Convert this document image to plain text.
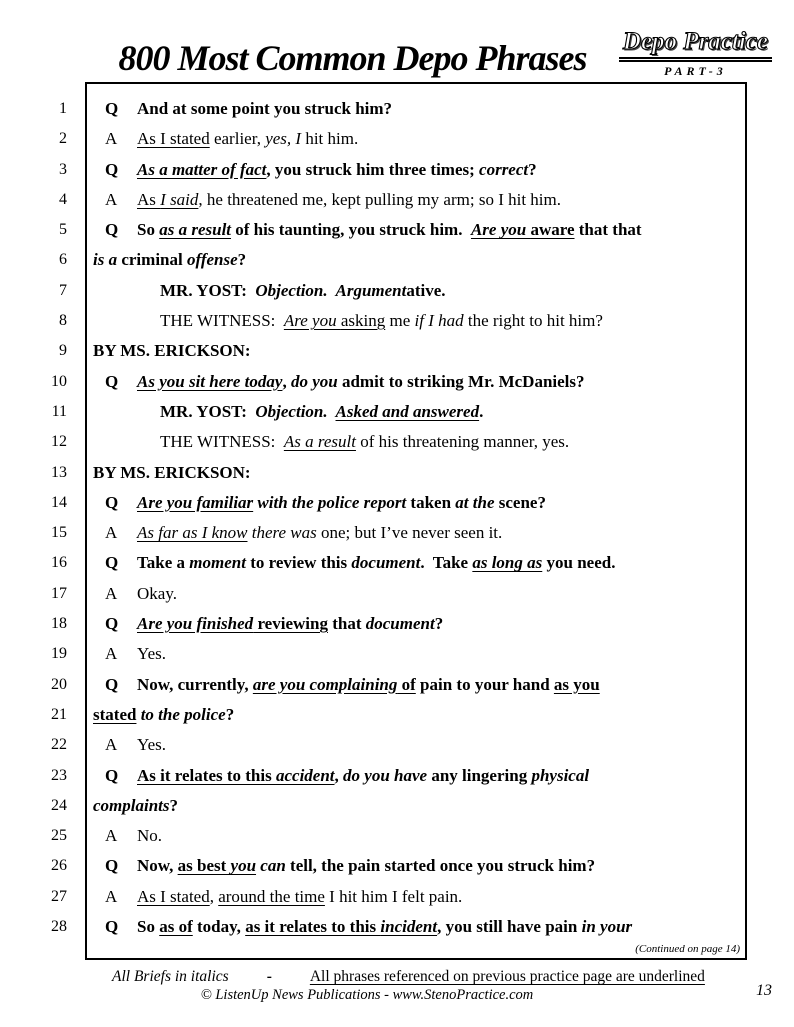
800 Most Common Depo Phrases	Depo Practice
PART-3
1	Q And at some point you struck him?
2	A As I stated earlier, yes, I hit him.
3	Q As a matter of fact, you struck him three times; correct?
4	A As I said, he threatened me, kept pulling my arm; so I hit him.
5	Q So as a result of his taunting, you struck him.  Are you aware that that
6	is a criminal offense?
7	MR. YOST:  Objection.  Argumentative.
8	THE WITNESS:  Are you asking me if I had the right to hit him?
9	BY MS. ERICKSON:
10	Q As you sit here today, do you admit to striking Mr. McDaniels?
11	MR. YOST:  Objection.  Asked and answered.
12	THE WITNESS:  As a result of his threatening manner, yes.
13	BY MS. ERICKSON:
14	Q Are you familiar with the police report taken at the scene?
15	A As far as I know there was one; but I’ve never seen it.
16	Q Take a moment to review this document.  Take as long as you need.
17	A Okay.
18	Q Are you finished reviewing that document?
19	A Yes.
20	Q Now, currently, are you complaining of pain to your hand as you
21	stated to the police?
22	A Yes.
23	Q As it relates to this accident, do you have any lingering physical
24	complaints?
25	A No.
26	Q Now, as best you can tell, the pain started once you struck him?
27	A As I stated, around the time I hit him I felt pain.
28	Q So as of today, as it relates to this incident, you still have pain in your
(Continued on page 14)
All Briefs in italics - All phrases referenced on previous practice page are underlined
© ListenUp News Publications - www.StenoPractice.com	13
